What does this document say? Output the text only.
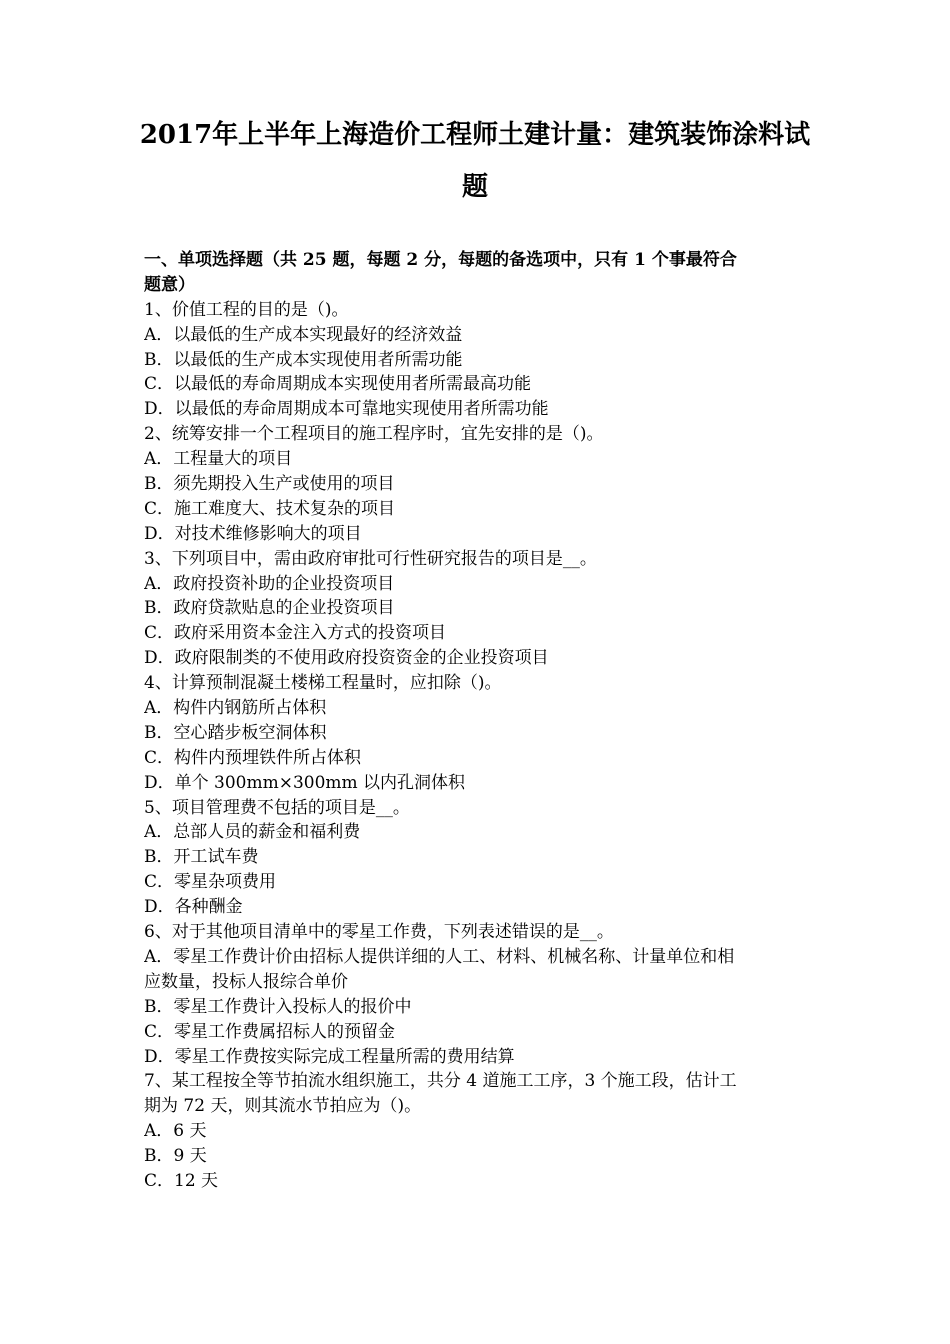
2017年上半年上海造价工程师土建计量：建筑装饰涂料试
题
一、单项选择题（共 25 题，每题 2 分，每题的备选项中，只有 1 个事最符合
题意）
1、价值工程的目的是（)。
A．以最低的生产成本实现最好的经济效益
B．以最低的生产成本实现使用者所需功能
C．以最低的寿命周期成本实现使用者所需最高功能
D．以最低的寿命周期成本可靠地实现使用者所需功能
2、统筹安排一个工程项目的施工程序时，宜先安排的是（)。
A．工程量大的项目
B．须先期投入生产或使用的项目
C．施工难度大、技术复杂的项目
D．对技术维修影响大的项目
3、下列项目中，需由政府审批可行性研究报告的项目是__。
A．政府投资补助的企业投资项目
B．政府贷款贴息的企业投资项目
C．政府采用资本金注入方式的投资项目
D．政府限制类的不使用政府投资资金的企业投资项目
4、计算预制混凝土楼梯工程量时，应扣除（)。
A．构件内钢筋所占体积
B．空心踏步板空洞体积
C．构件内预埋铁件所占体积
D．单个 300mm×300mm 以内孔洞体积
5、项目管理费不包括的项目是__。
A．总部人员的薪金和福利费
B．开工试车费
C．零星杂项费用
D．各种酬金
6、对于其他项目清单中的零星工作费，下列表述错误的是__。
A．零星工作费计价由招标人提供详细的人工、材料、机械名称、计量单位和相
应数量，投标人报综合单价
B．零星工作费计入投标人的报价中
C．零星工作费属招标人的预留金
D．零星工作费按实际完成工程量所需的费用结算
7、某工程按全等节拍流水组织施工，共分 4 道施工工序，3 个施工段，估计工
期为 72 天，则其流水节拍应为（)。
A．6 天
B．9 天
C．12 天
